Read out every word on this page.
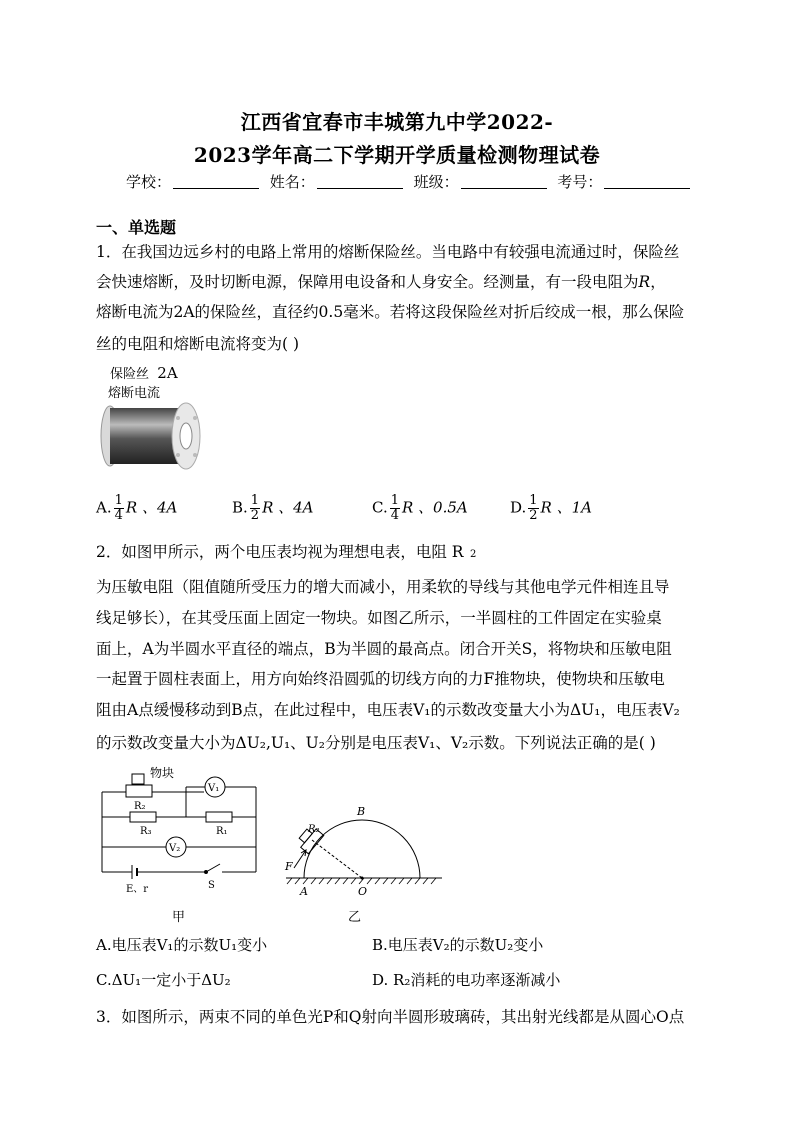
江西省宜春市丰城第九中学2022-
2023学年高二下学期开学质量检测物理试卷
学校：	姓名：	班级：	考号：
一、单选题
1．在我国边远乡村的电路上常用的熔断保险丝。当电路中有较强电流通过时，保险丝
会快速熔断，及时切断电源，保障用电设备和人身安全。经测量，有一段电阻为R，
熔断电流为2A的保险丝，直径约0.5毫米。若将这段保险丝对折后绞成一根，那么保险
丝的电阻和熔断电流将变为( )
保险丝 2A
熔断电流
A. $\frac{1}{4}$ R 、4A	B. $\frac{1}{2}$ R 、4A	C. $\frac{1}{4}$ R 、0.5A	D. $\frac{1}{2}$ R 、1A
2．如图甲所示，两个电压表均视为理想电表，电阻 R 2
为压敏电阻（阻值随所受压力的增大而减小，用柔软的导线与其他电学元件相连且导
线足够长），在其受压面上固定一物块。如图乙所示，一半圆柱的工件固定在实验桌
面上，A为半圆水平直径的端点，B为半圆的最高点。闭合开关S，将物块和压敏电阻
一起置于圆柱表面上，用方向始终沿圆弧的切线方向的力F推物块，使物块和压敏电
阻由A点缓慢移动到B点，在此过程中，电压表V₁的示数改变量大小为ΔU₁，电压表V₂
的示数改变量大小为ΔU₂,U₁、U₂分别是电压表V₁、V₂示数。下列说法正确的是( )
物块
R₂
R₃	R₁
V₁
V₂
E、r	S
甲
B
A	O
F
R₂
乙
A.电压表V₁的示数U₁变小	B.电压表V₂的示数U₂变小
C.ΔU₁一定小于ΔU₂	D. R₂消耗的电功率逐渐减小
3．如图所示，两束不同的单色光P和Q射向半圆形玻璃砖，其出射光线都是从圆心O点
